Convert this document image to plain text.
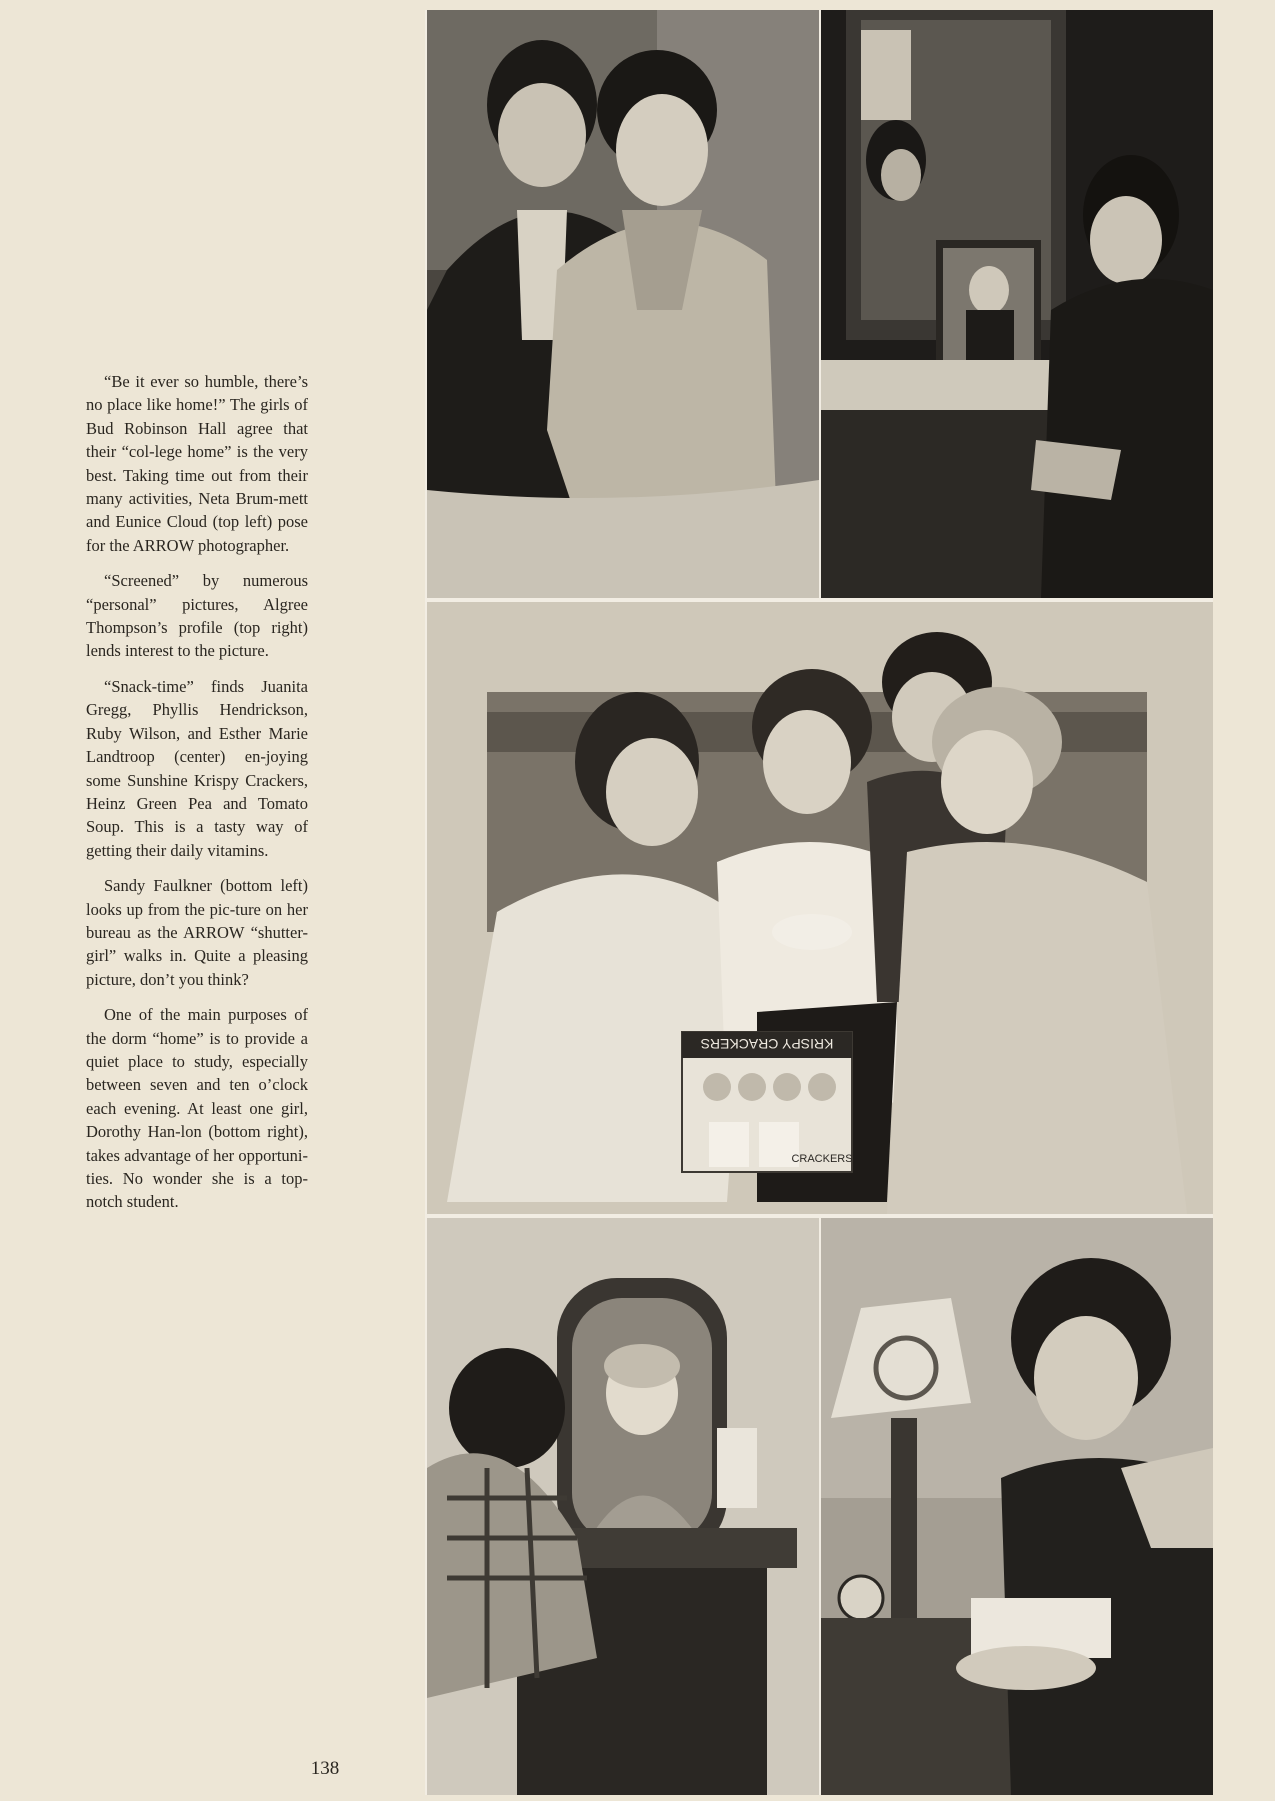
“Be it ever so humble, there’s no place like home!” The girls of Bud Robinson Hall agree that their “col-lege home” is the very best. Taking time out from their many activities, Neta Brum-mett and Eunice Cloud (top left) pose for the ARROW photographer.

“Screened” by numerous “personal” pictures, Algree Thompson’s profile (top right) lends interest to the picture.

“Snack-time” finds Juanita Gregg, Phyllis Hendrickson, Ruby Wilson, and Esther Marie Landtroop (center) en-joying some Sunshine Krispy Crackers, Heinz Green Pea and Tomato Soup. This is a tasty way of getting their daily vitamins.

Sandy Faulkner (bottom left) looks up from the pic-ture on her bureau as the ARROW “shutter-girl” walks in. Quite a pleasing picture, don’t you think?

One of the main purposes of the dorm “home” is to provide a quiet place to study, especially between seven and ten o’clock each evening. At least one girl, Dorothy Han-lon (bottom right), takes advantage of her opportuni-ties. No wonder she is a top-notch student.

138
KRISPY CRACKERS
CRACKERS
